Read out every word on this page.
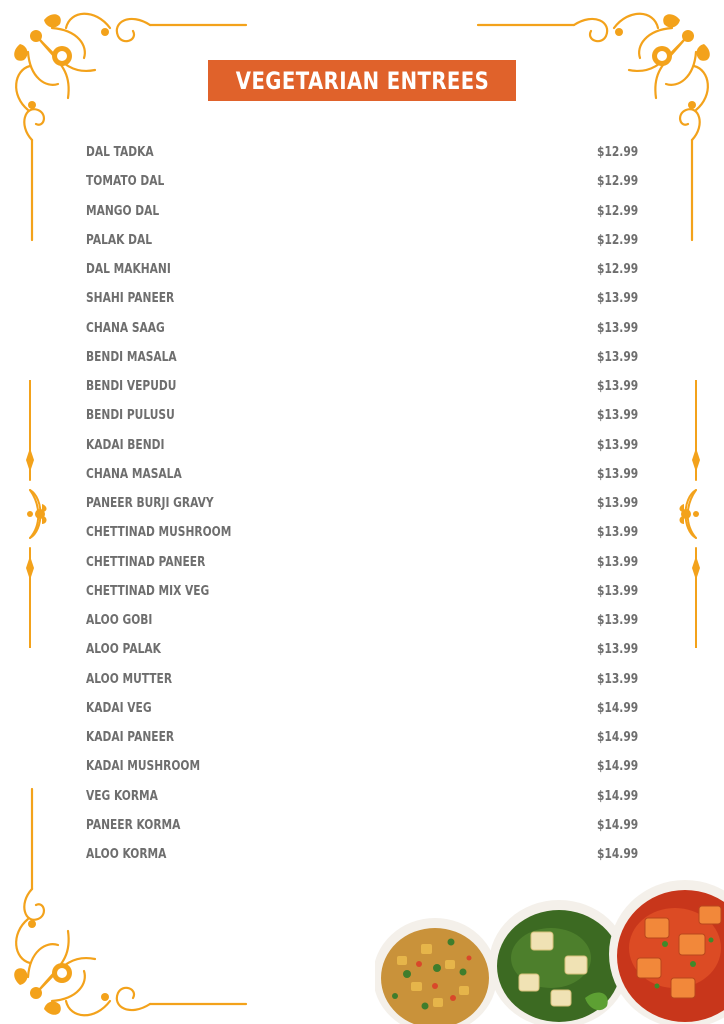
VEGETARIAN ENTREES
DAL TADKA	$12.99
TOMATO DAL	$12.99
MANGO DAL	$12.99
PALAK DAL	$12.99
DAL MAKHANI	$12.99
SHAHI PANEER	$13.99
CHANA SAAG	$13.99
BENDI MASALA	$13.99
BENDI VEPUDU	$13.99
BENDI PULUSU	$13.99
KADAI BENDI	$13.99
CHANA MASALA	$13.99
PANEER BURJI GRAVY	$13.99
CHETTINAD MUSHROOM	$13.99
CHETTINAD PANEER	$13.99
CHETTINAD MIX VEG	$13.99
ALOO GOBI	$13.99
ALOO PALAK	$13.99
ALOO MUTTER	$13.99
KADAI VEG	$14.99
KADAI PANEER	$14.99
KADAI MUSHROOM	$14.99
VEG KORMA	$14.99
PANEER KORMA	$14.99
ALOO KORMA	$14.99
